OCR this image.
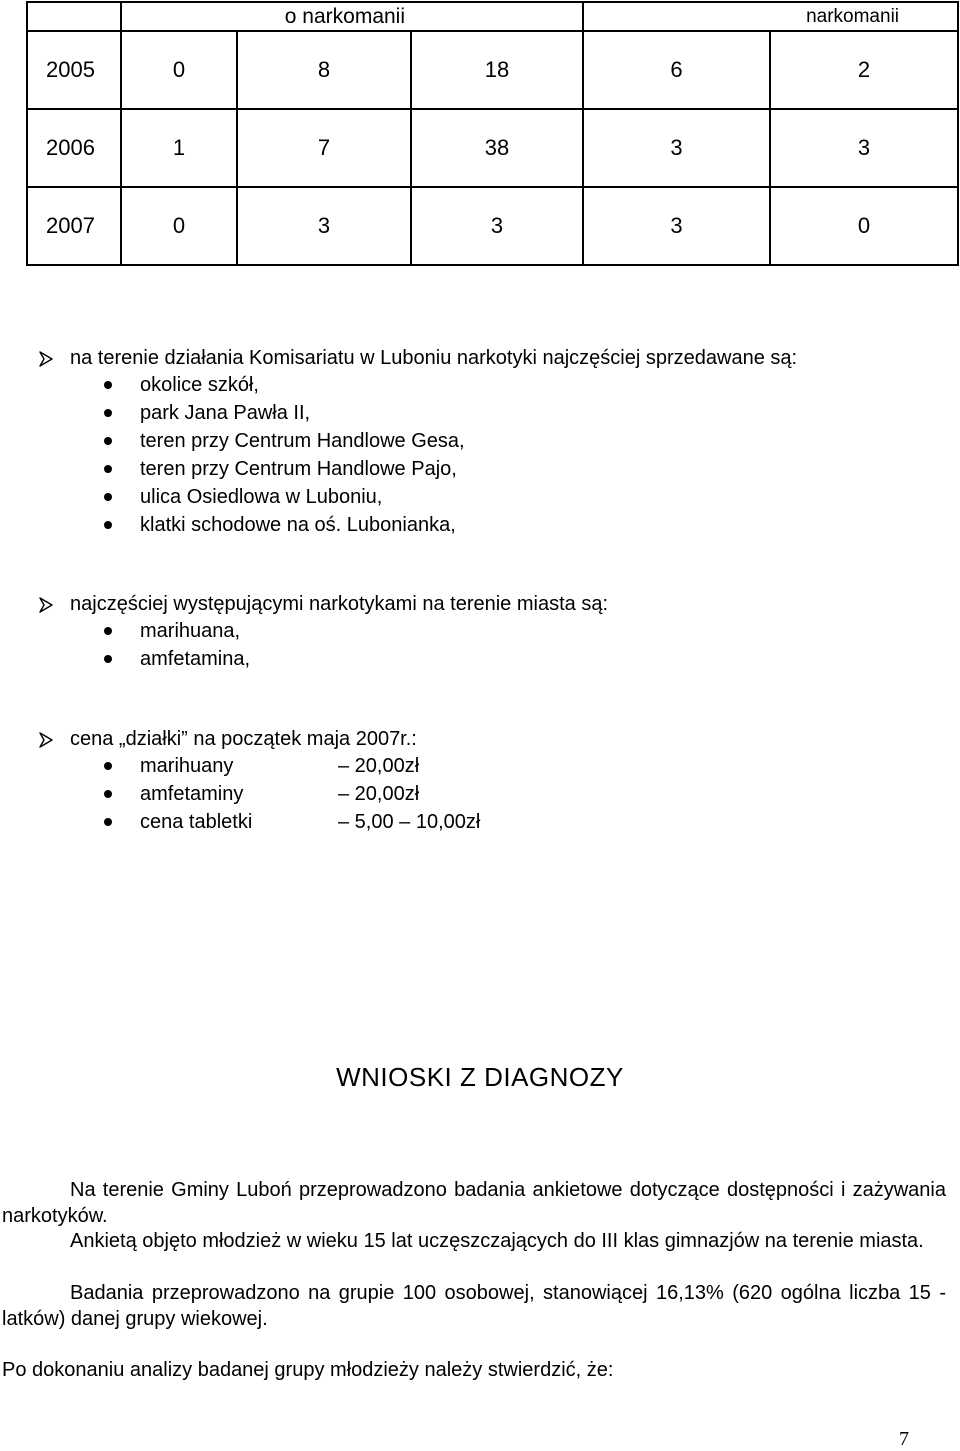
	o narkomanii			narkomanii	
2005	0	8	18	6	2
2006	1	7	38	3	3
2007	0	3	3	3	0
na terenie działania Komisariatu w Luboniu narkotyki najczęściej sprzedawane są:
okolice szkół,
park Jana Pawła II,
teren przy Centrum Handlowe Gesa,
teren przy Centrum Handlowe Pajo,
ulica Osiedlowa w Luboniu,
klatki schodowe na oś. Lubonianka,
najczęściej występującymi narkotykami na terenie miasta są:
marihuana,
amfetamina,
cena „działki” na początek maja 2007r.:
marihuany	– 20,00zł
amfetaminy	– 20,00zł
cena tabletki	– 5,00 – 10,00zł
WNIOSKI Z DIAGNOZY

Na terenie Gminy Luboń przeprowadzono badania ankietowe dotyczące dostępności i zażywania narkotyków.

Ankietą objęto młodzież w wieku 15 lat uczęszczających do III klas gimnazjów na terenie miasta.

Badania przeprowadzono na grupie 100 osobowej, stanowiącej 16,13% (620 ogólna liczba 15 - latków) danej grupy wiekowej.

Po dokonaniu analizy badanej grupy młodzieży należy stwierdzić, że:
7
